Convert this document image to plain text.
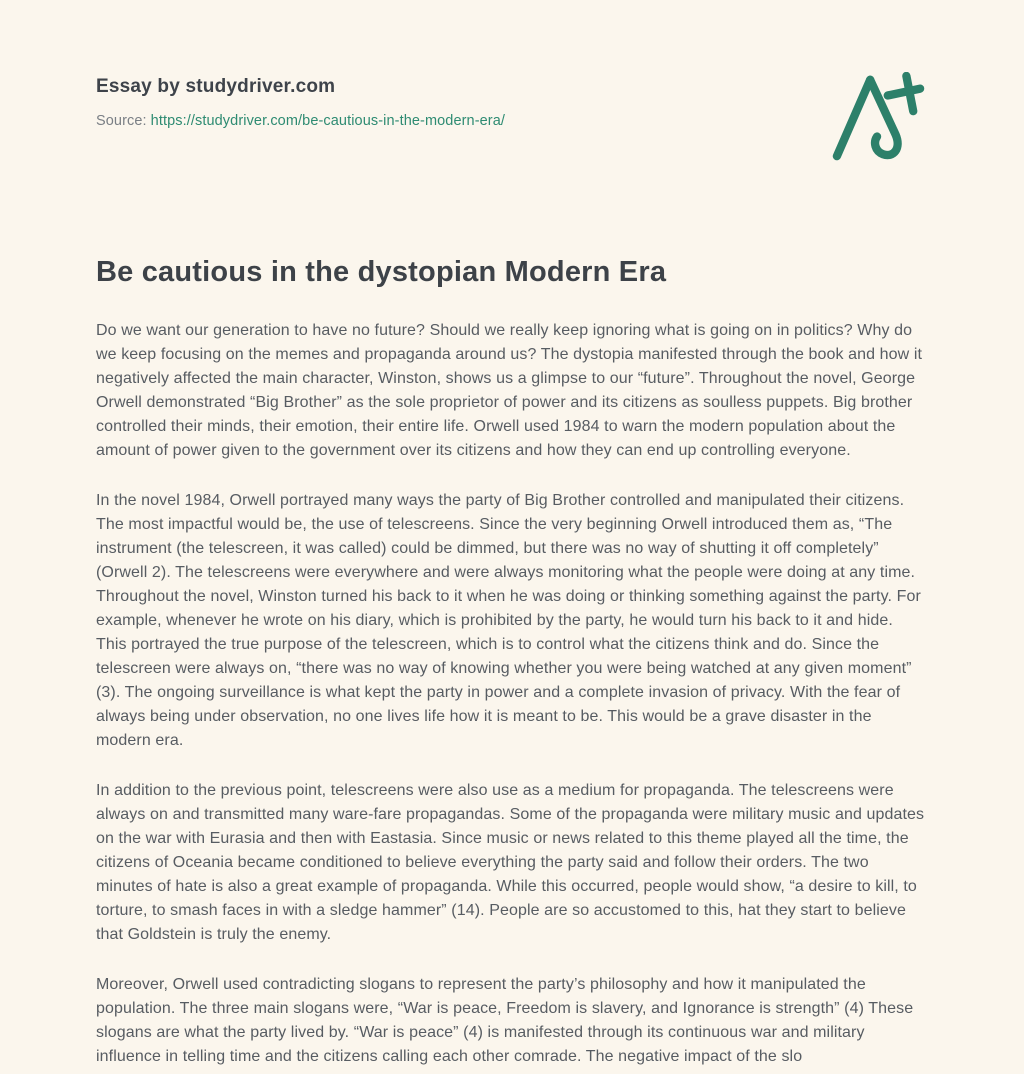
Essay by studydriver.com
Source: https://studydriver.com/be-cautious-in-the-modern-era/
Be cautious in the dystopian Modern Era

Do we want our generation to have no future? Should we really keep ignoring what is going on in politics? Why do we keep focusing on the memes and propaganda around us? The dystopia manifested through the book and how it negatively affected the main character, Winston, shows us a glimpse to our “future”. Throughout the novel, George Orwell demonstrated “Big Brother” as the sole proprietor of power and its citizens as soulless puppets. Big brother controlled their minds, their emotion, their entire life. Orwell used 1984 to warn the modern population about the amount of power given to the government over its citizens and how they can end up controlling everyone.

In the novel 1984, Orwell portrayed many ways the party of Big Brother controlled and manipulated their citizens. The most impactful would be, the use of telescreens. Since the very beginning Orwell introduced them as, “The instrument (the telescreen, it was called) could be dimmed, but there was no way of shutting it off completely” (Orwell 2). The telescreens were everywhere and were always monitoring what the people were doing at any time. Throughout the novel, Winston turned his back to it when he was doing or thinking something against the party. For example, whenever he wrote on his diary, which is prohibited by the party, he would turn his back to it and hide. This portrayed the true purpose of the telescreen, which is to control what the citizens think and do. Since the telescreen were always on, “there was no way of knowing whether you were being watched at any given moment” (3). The ongoing surveillance is what kept the party in power and a complete invasion of privacy. With the fear of always being under observation, no one lives life how it is meant to be. This would be a grave disaster in the modern era.

In addition to the previous point, telescreens were also use as a medium for propaganda. The telescreens were always on and transmitted many ware-fare propagandas. Some of the propaganda were military music and updates on the war with Eurasia and then with Eastasia. Since music or news related to this theme played all the time, the citizens of Oceania became conditioned to believe everything the party said and follow their orders. The two minutes of hate is also a great example of propaganda. While this occurred, people would show, “a desire to kill, to torture, to smash faces in with a sledge hammer” (14). People are so accustomed to this, hat they start to believe that Goldstein is truly the enemy.

Moreover, Orwell used contradicting slogans to represent the party’s philosophy and how it manipulated the population. The three main slogans were, “War is peace, Freedom is slavery, and Ignorance is strength” (4) These slogans are what the party lived by. “War is peace” (4) is manifested through its continuous war and military influence in telling time and the citizens calling each other comrade. The negative impact of the slo
